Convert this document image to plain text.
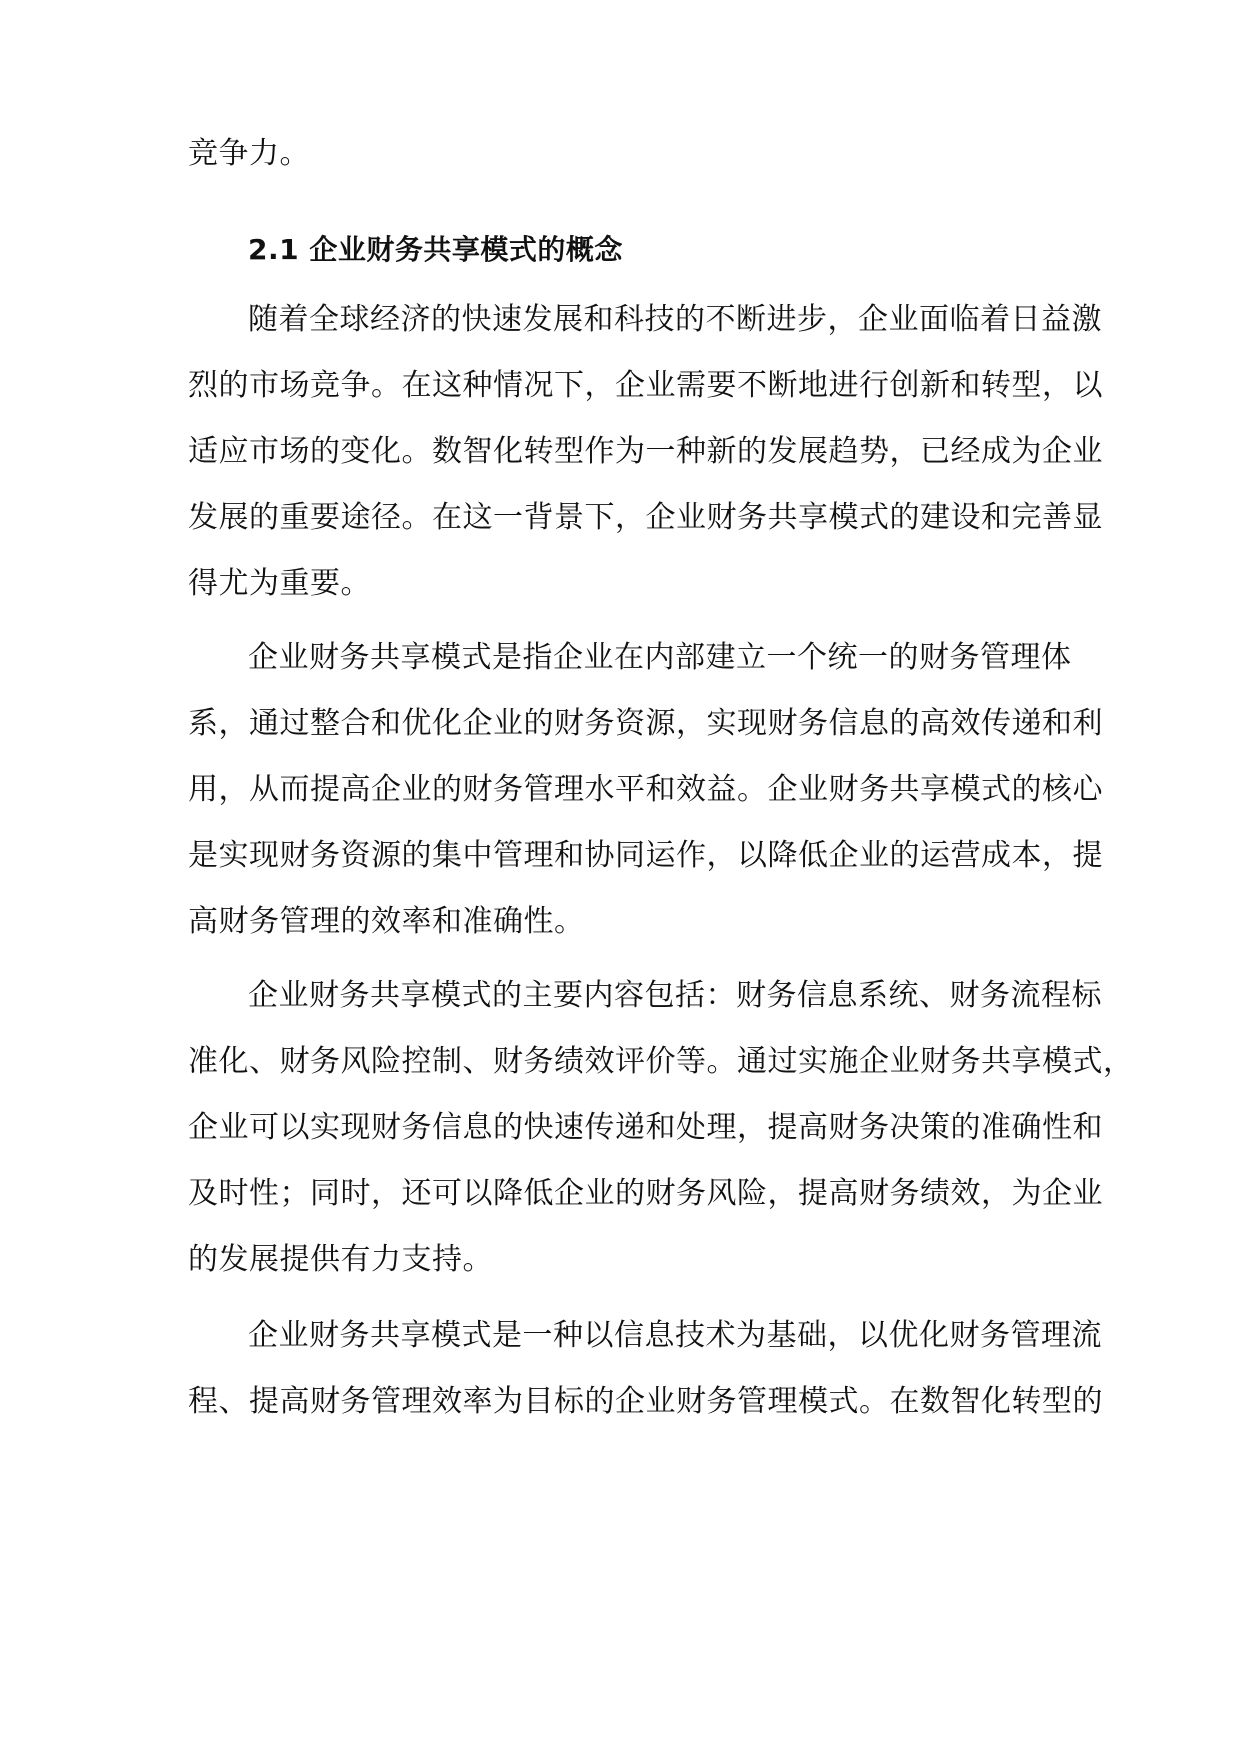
竞争力。
2.1 企业财务共享模式的概念
随着全球经济的快速发展和科技的不断进步，企业面临着日益激
烈的市场竞争。在这种情况下，企业需要不断地进行创新和转型，以
适应市场的变化。数智化转型作为一种新的发展趋势，已经成为企业
发展的重要途径。在这一背景下，企业财务共享模式的建设和完善显
得尤为重要。
企业财务共享模式是指企业在内部建立一个统一的财务管理体
系，通过整合和优化企业的财务资源，实现财务信息的高效传递和利
用，从而提高企业的财务管理水平和效益。企业财务共享模式的核心
是实现财务资源的集中管理和协同运作，以降低企业的运营成本，提
高财务管理的效率和准确性。
企业财务共享模式的主要内容包括：财务信息系统、财务流程标
准化、财务风险控制、财务绩效评价等。通过实施企业财务共享模式，
企业可以实现财务信息的快速传递和处理，提高财务决策的准确性和
及时性；同时，还可以降低企业的财务风险，提高财务绩效，为企业
的发展提供有力支持。
企业财务共享模式是一种以信息技术为基础，以优化财务管理流
程、提高财务管理效率为目标的企业财务管理模式。在数智化转型的
